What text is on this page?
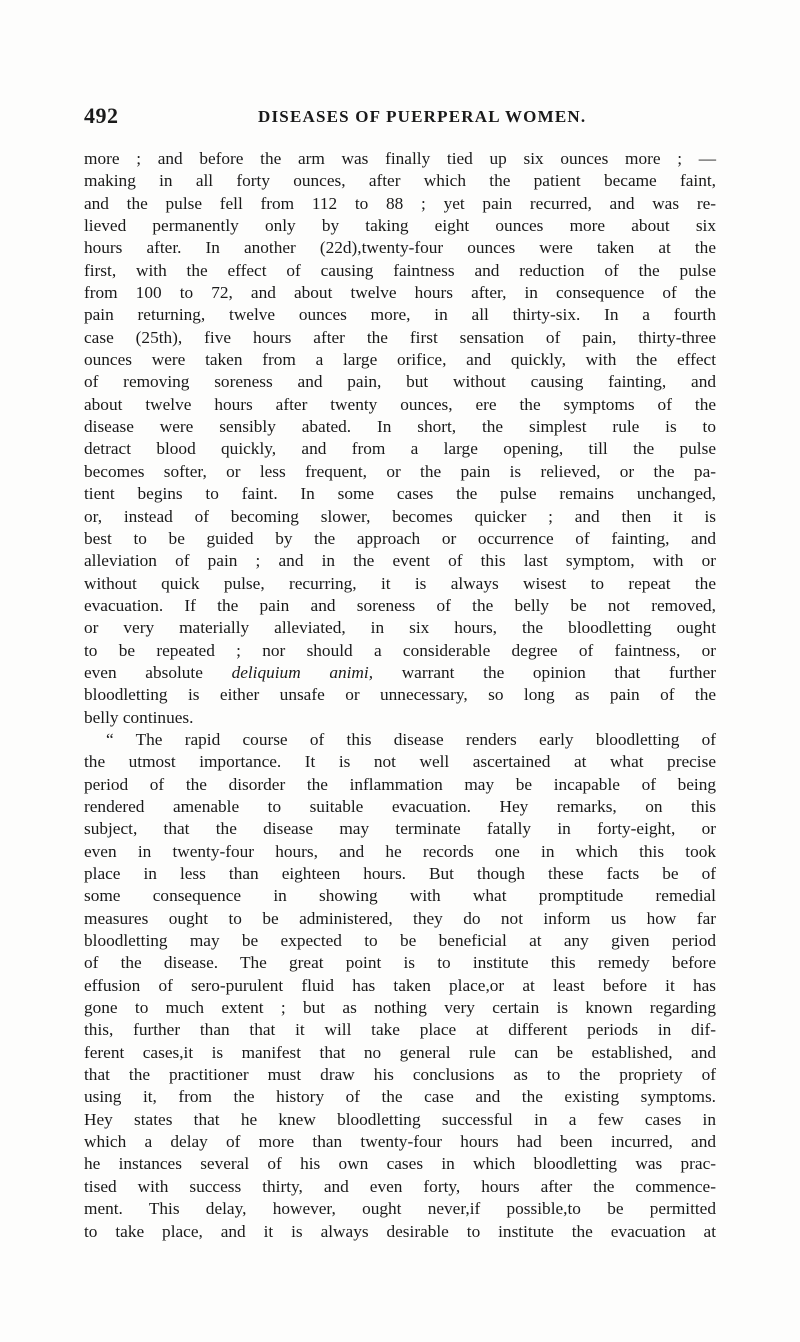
492	DISEASES OF PUERPERAL WOMEN.
more ; and before the arm was finally tied up six ounces more ; —
making in all forty ounces, after which the patient became faint,
and the pulse fell from 112 to 88 ; yet pain recurred, and was re-
lieved permanently only by taking eight ounces more about six
hours after. In another (22d),twenty-four ounces were taken at the
first, with the effect of causing faintness and reduction of the pulse
from 100 to 72, and about twelve hours after, in consequence of the
pain returning, twelve ounces more, in all thirty-six. In a fourth
case (25th), five hours after the first sensation of pain, thirty-three
ounces were taken from a large orifice, and quickly, with the effect
of removing soreness and pain, but without causing fainting, and
about twelve hours after twenty ounces, ere the symptoms of the
disease were sensibly abated. In short, the simplest rule is to
detract blood quickly, and from a large opening, till the pulse
becomes softer, or less frequent, or the pain is relieved, or the pa-
tient begins to faint. In some cases the pulse remains unchanged,
or, instead of becoming slower, becomes quicker ; and then it is
best to be guided by the approach or occurrence of fainting, and
alleviation of pain ; and in the event of this last symptom, with or
without quick pulse, recurring, it is always wisest to repeat the
evacuation. If the pain and soreness of the belly be not removed,
or very materially alleviated, in six hours, the bloodletting ought
to be repeated ; nor should a considerable degree of faintness, or
even absolute deliquium animi, warrant the opinion that further
bloodletting is either unsafe or unnecessary, so long as pain of the
belly continues.
“ The rapid course of this disease renders early bloodletting of
the utmost importance. It is not well ascertained at what precise
period of the disorder the inflammation may be incapable of being
rendered amenable to suitable evacuation. Hey remarks, on this
subject, that the disease may terminate fatally in forty-eight, or
even in twenty-four hours, and he records one in which this took
place in less than eighteen hours. But though these facts be of
some consequence in showing with what promptitude remedial
measures ought to be administered, they do not inform us how far
bloodletting may be expected to be beneficial at any given period
of the disease. The great point is to institute this remedy before
effusion of sero-purulent fluid has taken place,or at least before it has
gone to much extent ; but as nothing very certain is known regarding
this, further than that it will take place at different periods in dif-
ferent cases,it is manifest that no general rule can be established, and
that the practitioner must draw his conclusions as to the propriety of
using it, from the history of the case and the existing symptoms.
Hey states that he knew bloodletting successful in a few cases in
which a delay of more than twenty-four hours had been incurred, and
he instances several of his own cases in which bloodletting was prac-
tised with success thirty, and even forty, hours after the commence-
ment. This delay, however, ought never,if possible,to be permitted
to take place, and it is always desirable to institute the evacuation at
